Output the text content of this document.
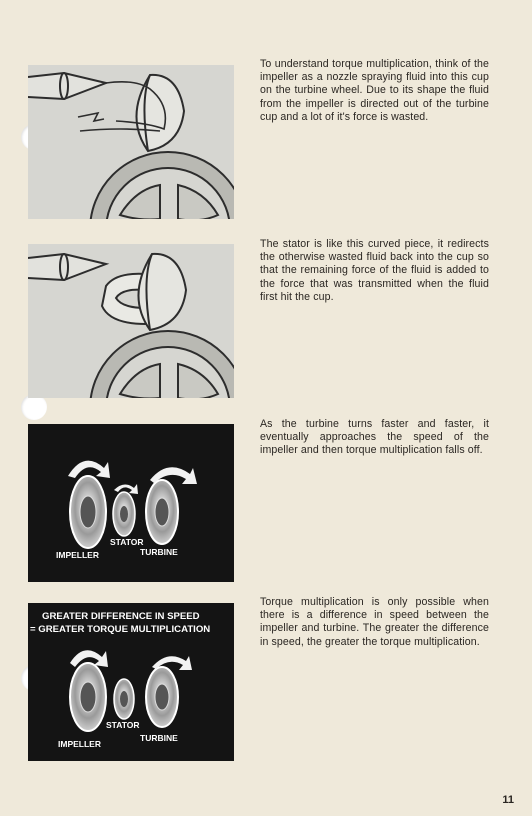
To understand torque multiplication, think of the impeller as a nozzle spraying fluid into this cup on the turbine wheel. Due to its shape the fluid from the impeller is directed out of the turbine cup and a lot of it's force is wasted.

The stator is like this curved piece, it redirects the otherwise wasted fluid back into the cup so that the remaining force of the fluid is added to the force that was transmitted when the fluid first hit the cup.

STATOR
IMPELLER	TURBINE

As the turbine turns faster and faster, it eventually approaches the speed of the impeller and then torque multiplication falls off.

GREATER DIFFERENCE IN SPEED
= GREATER TORQUE MULTIPLICATION
STATOR
IMPELLER
TURBINE

Torque multiplication is only possible when there is a difference in speed between the impeller and turbine. The greater the difference in speed, the greater the torque multiplication.

11
